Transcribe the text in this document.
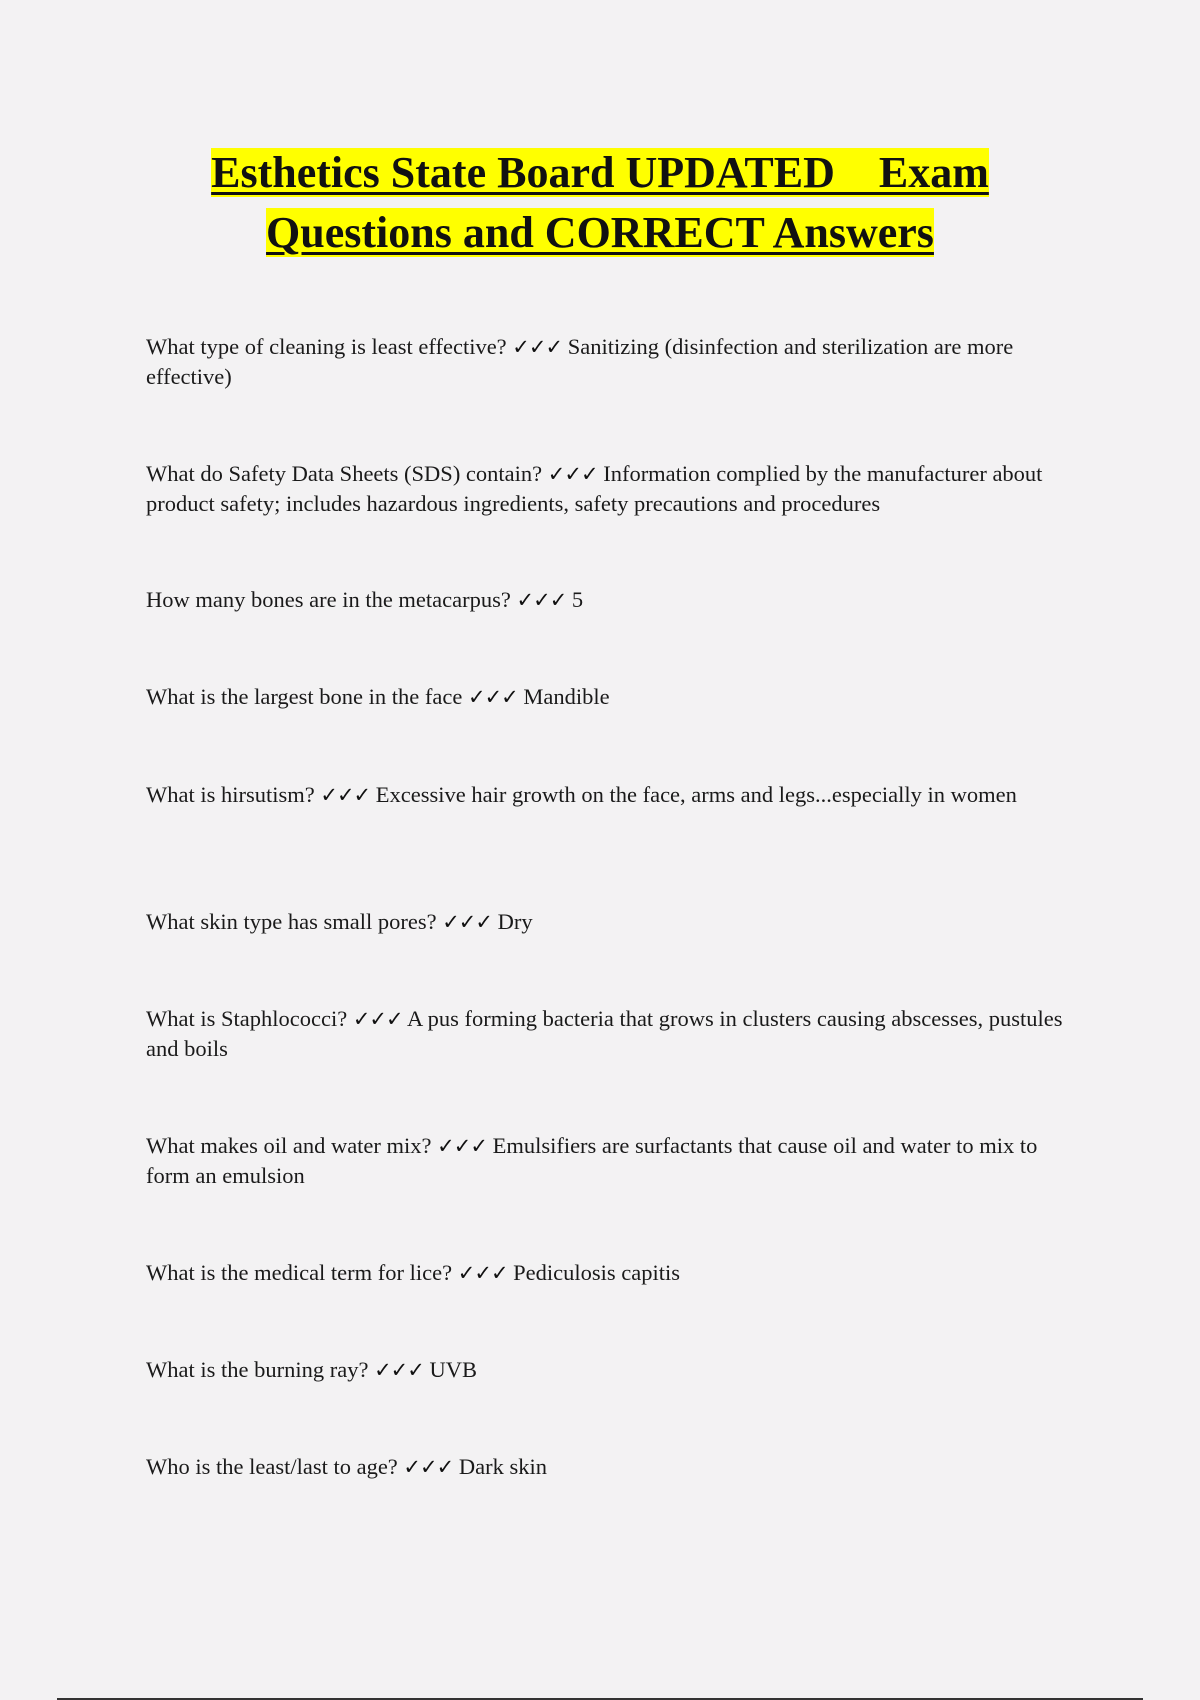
Esthetics State Board UPDATED    Exam
Questions and CORRECT Answers
What type of cleaning is least effective? ✓✓✓ Sanitizing (disinfection and sterilization are more effective)
What do Safety Data Sheets (SDS) contain? ✓✓✓ Information complied by the manufacturer about product safety; includes hazardous ingredients, safety precautions and procedures
How many bones are in the metacarpus? ✓✓✓ 5
What is the largest bone in the face ✓✓✓ Mandible
What is hirsutism? ✓✓✓ Excessive hair growth on the face, arms and legs...especially in women
What skin type has small pores? ✓✓✓ Dry
What is Staphlococci? ✓✓✓ A pus forming bacteria that grows in clusters causing abscesses, pustules and boils
What makes oil and water mix? ✓✓✓ Emulsifiers are surfactants that cause oil and water to mix to form an emulsion
What is the medical term for lice? ✓✓✓ Pediculosis capitis
What is the burning ray? ✓✓✓ UVB
Who is the least/last to age? ✓✓✓ Dark skin
